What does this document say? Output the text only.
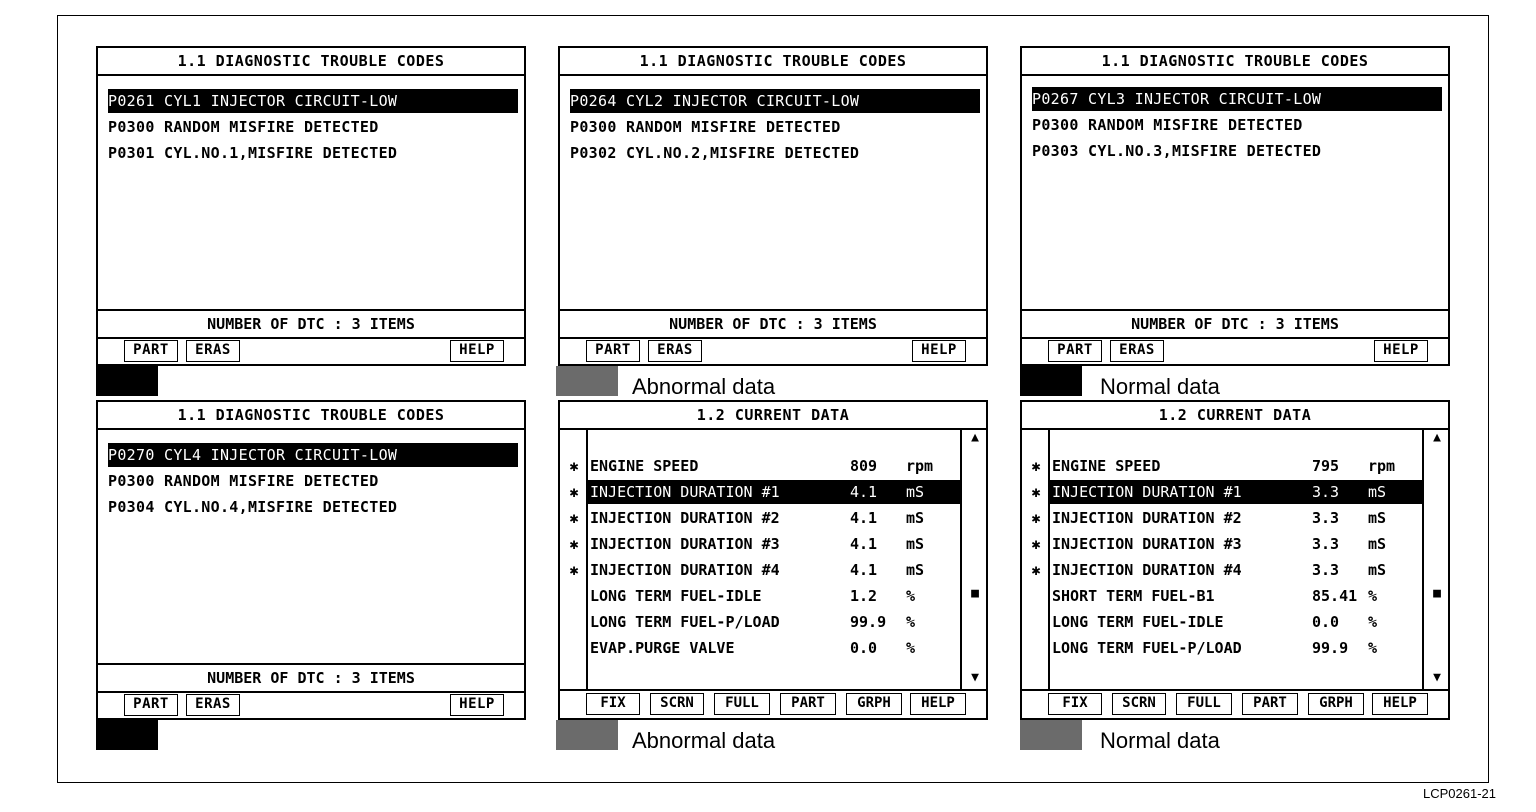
1.1 DIAGNOSTIC TROUBLE CODES
P0261 CYL1 INJECTOR CIRCUIT-LOW
P0300 RANDOM MISFIRE DETECTED
P0301 CYL.NO.1,MISFIRE DETECTED
NUMBER OF DTC : 3 ITEMS
PART	ERAS	HELP
1.1 DIAGNOSTIC TROUBLE CODES
P0264 CYL2 INJECTOR CIRCUIT-LOW
P0300 RANDOM MISFIRE DETECTED
P0302 CYL.NO.2,MISFIRE DETECTED
NUMBER OF DTC : 3 ITEMS
PART	ERAS	HELP
Abnormal data
1.1 DIAGNOSTIC TROUBLE CODES
P0267 CYL3 INJECTOR CIRCUIT-LOW
P0300 RANDOM MISFIRE DETECTED
P0303 CYL.NO.3,MISFIRE DETECTED
NUMBER OF DTC : 3 ITEMS
PART	ERAS	HELP
Normal data
1.1 DIAGNOSTIC TROUBLE CODES
P0270 CYL4 INJECTOR CIRCUIT-LOW
P0300 RANDOM MISFIRE DETECTED
P0304 CYL.NO.4,MISFIRE DETECTED
NUMBER OF DTC : 3 ITEMS
PART	ERAS	HELP
1.2 CURRENT DATA
▲
■
▼
✱ ENGINE SPEED	809 rpm
✱ INJECTION DURATION #1	4.1 mS
✱ INJECTION DURATION #2	4.1 mS
✱ INJECTION DURATION #3	4.1 mS
✱ INJECTION DURATION #4	4.1 mS
LONG TERM FUEL-IDLE	1.2 %
LONG TERM FUEL-P/LOAD	99.9 %
EVAP.PURGE VALVE	0.0 %
FIX	SCRN	FULL	PART	GRPH	HELP
Abnormal data
1.2 CURRENT DATA
▲
■
▼
✱ ENGINE SPEED	795 rpm
✱ INJECTION DURATION #1	3.3 mS
✱ INJECTION DURATION #2	3.3 mS
✱ INJECTION DURATION #3	3.3 mS
✱ INJECTION DURATION #4	3.3 mS
SHORT TERM FUEL-B1	85.41 %
LONG TERM FUEL-IDLE	0.0 %
LONG TERM FUEL-P/LOAD	99.9 %
FIX	SCRN	FULL	PART	GRPH	HELP
Normal data
LCP0261-21
